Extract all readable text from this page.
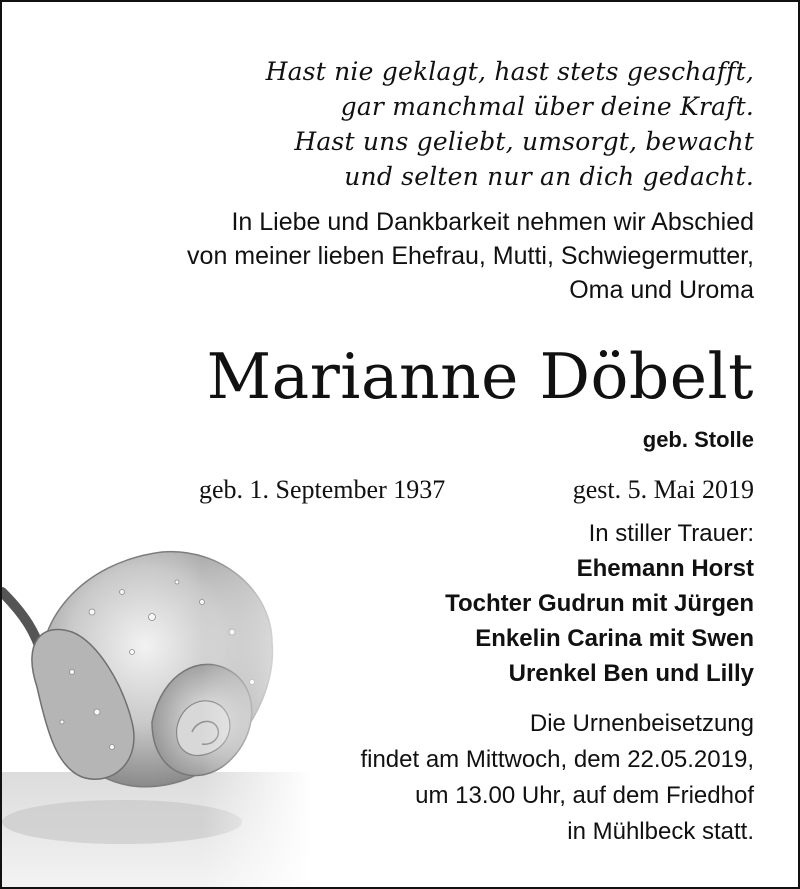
Hast nie geklagt, hast stets geschafft,
gar manchmal über deine Kraft.
Hast uns geliebt, umsorgt, bewacht
und selten nur an dich gedacht.
In Liebe und Dankbarkeit nehmen wir Abschied
von meiner lieben Ehefrau, Mutti, Schwiegermutter,
Oma und Uroma
Marianne Döbelt
geb. Stolle
geb. 1. September 1937	gest. 5. Mai 2019
In stiller Trauer:
Ehemann Horst
Tochter Gudrun mit Jürgen
Enkelin Carina mit Swen
Urenkel Ben und Lilly
Die Urnenbeisetzung
findet am Mittwoch, dem 22.05.2019,
um 13.00 Uhr, auf dem Friedhof
in Mühlbeck statt.
